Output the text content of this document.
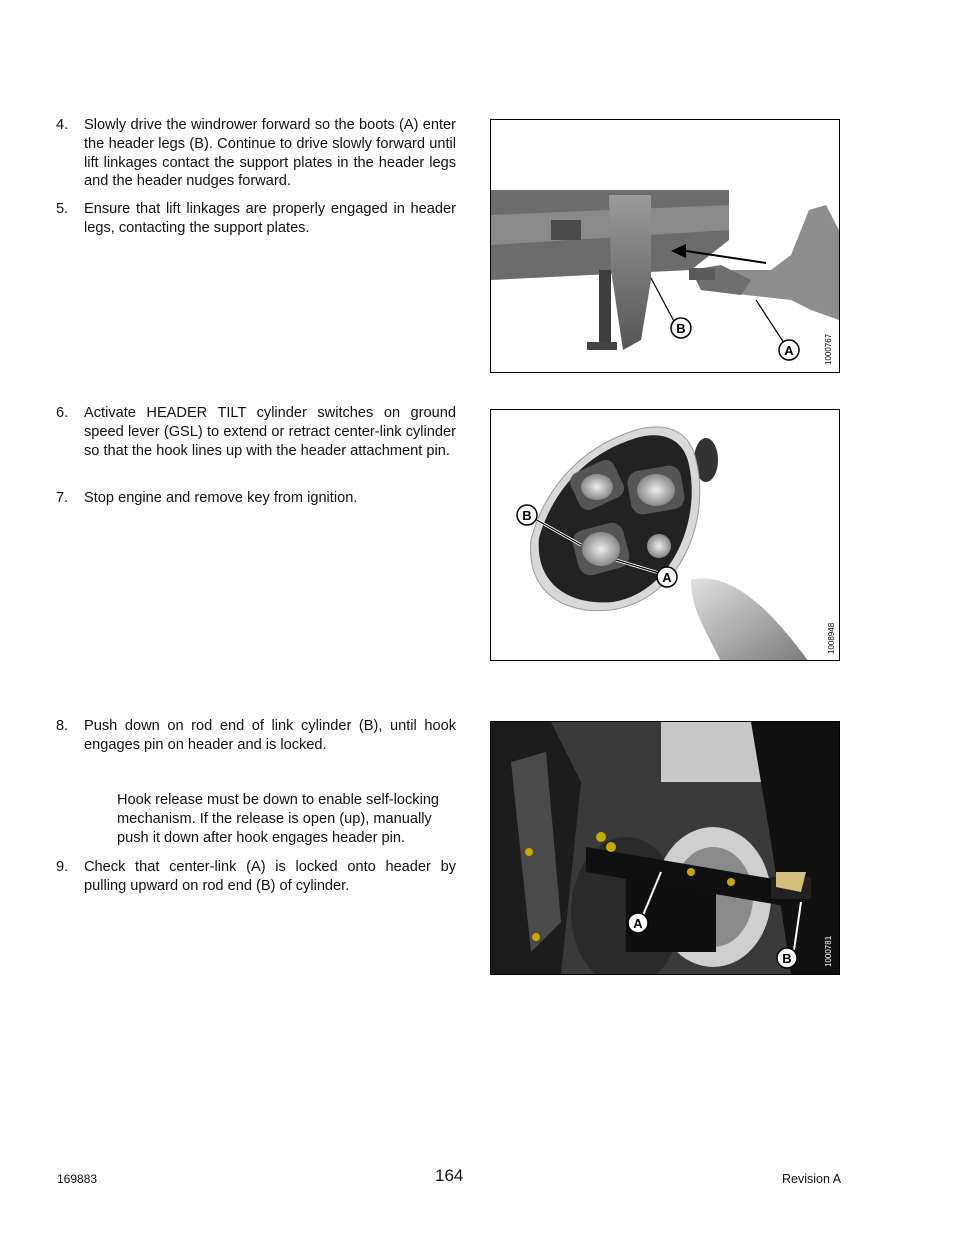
4. Slowly drive the windrower forward so the boots (A) enter the header legs (B). Continue to drive slowly forward until lift linkages contact the support plates in the header legs and the header nudges forward.
5. Ensure that lift linkages are properly engaged in header legs, contacting the support plates.
B
A	1000767
6. Activate HEADER TILT cylinder switches on ground speed lever (GSL) to extend or retract center-link cylinder so that the hook lines up with the header attachment pin.
7. Stop engine and remove key from ignition.
B
A
1008948
8. Push down on rod end of link cylinder (B), until hook engages pin on header and is locked.
Hook release must be down to enable self-locking mechanism. If the release is open (up), manually push it down after hook engages header pin.
9. Check that center-link (A) is locked onto header by pulling upward on rod end (B) of cylinder.
A
B	1000781
169883	164	Revision A
